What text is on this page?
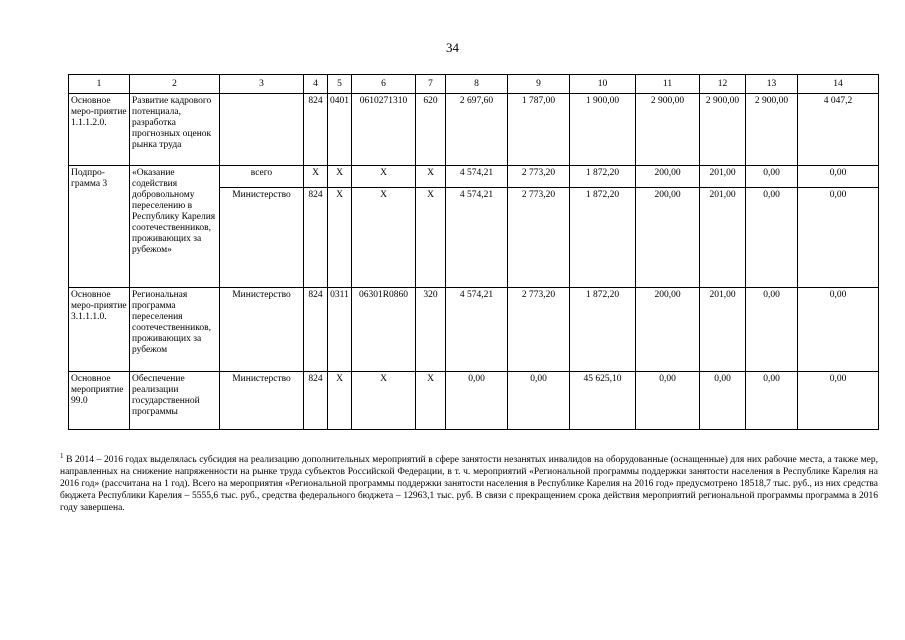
34
1	2	3	4	5	6	7	8	9	10	11	12	13	14
Основное меро-приятие 1.1.1.2.0.	Развитие кадрового потенциала, разработка прогнозных оценок рынка труда		824	0401	0610271310	620	2 697,60	1 787,00	1 900,00	2 900,00	2 900,00	2 900,00	4 047,2
Подпро-грамма 3	«Оказание содействия добровольному переселению в Республику Карелия соотечественников, проживающих за рубежом»	всего	X	X	X	X	4 574,21	2 773,20	1 872,20	200,00	201,00	0,00	0,00
		Министерство	824	X	X	X	4 574,21	2 773,20	1 872,20	200,00	201,00	0,00	0,00
Основное меро-приятие 3.1.1.1.0.	Региональная программа переселения соотечественников, проживающих за рубежом	Министерство	824	0311	06301R0860	320	4 574,21	2 773,20	1 872,20	200,00	201,00	0,00	0,00
Основное мероприятие 99.0	Обеспечение реализации государственной программы	Министерство	824	X	X	X	0,00	0,00	45 625,10	0,00	0,00	0,00	0,00
$^1$ В 2014 – 2016 годах выделялась субсидия на реализацию дополнительных мероприятий в сфере занятости незанятых инвалидов на оборудованные (оснащенные) для них рабочие места, а также мер, направленных на снижение напряженности на рынке труда субъектов Российской Федерации, в т. ч. мероприятий «Региональной программы поддержки занятости населения в Республике Карелия на 2016 год» (рассчитана на 1 год). Всего на мероприятия «Региональной программы поддержки занятости населения в Республике Карелия на 2016 год» предусмотрено 18518,7 тыс. руб., из них средства бюджета Республики Карелия – 5555,6 тыс. руб., средства федерального бюджета – 12963,1 тыс. руб. В связи с прекращением срока действия мероприятий региональной программы программа в 2016 году завершена.
